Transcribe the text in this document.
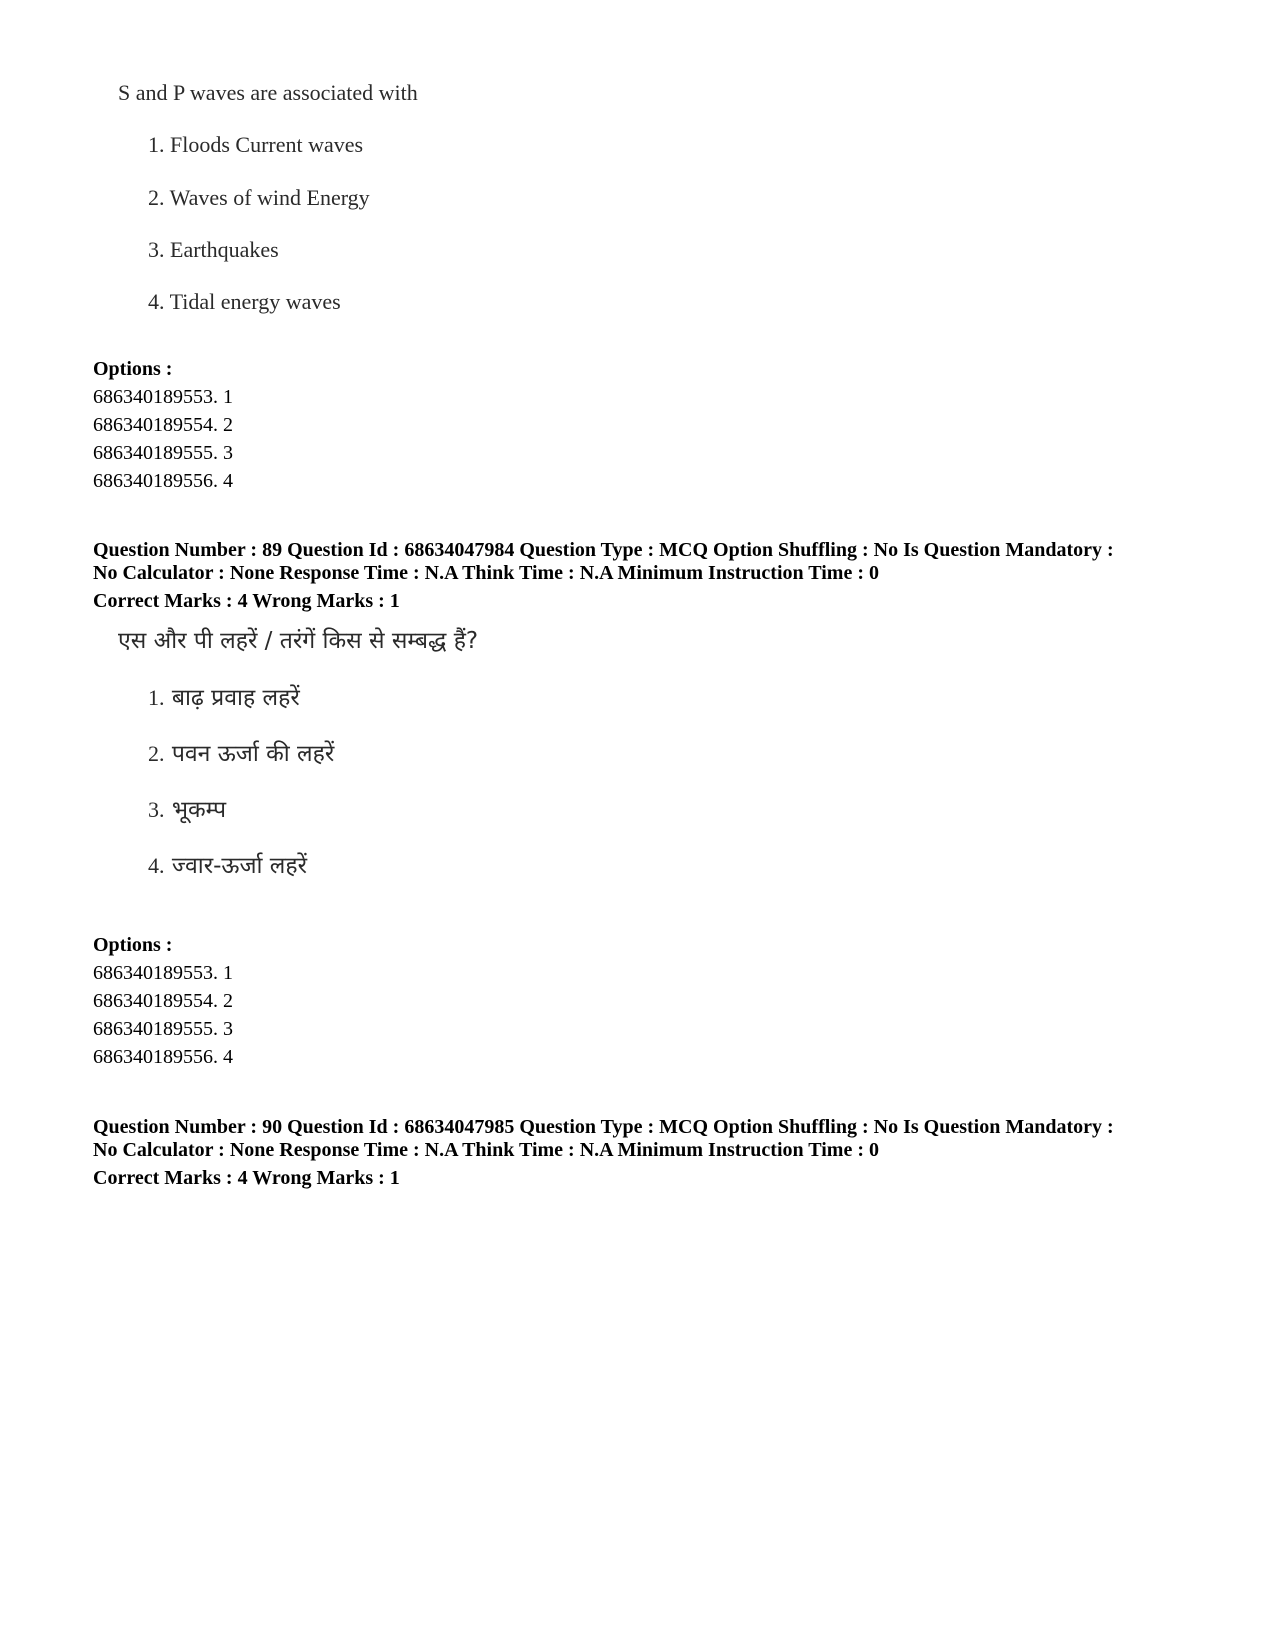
S and P waves are associated with

1. Floods Current waves
2. Waves of wind Energy
3. Earthquakes
4. Tidal energy waves
Options :
686340189553. 1
686340189554. 2
686340189555. 3
686340189556. 4
Question Number : 89 Question Id : 68634047984 Question Type : MCQ Option Shuffling : No Is Question Mandatory :
No Calculator : None Response Time : N.A Think Time : N.A Minimum Instruction Time : 0
Correct Marks : 4 Wrong Marks : 1

एस और पी लहरें / तरंगें किस से सम्बद्ध हैं?

1. बाढ़ प्रवाह लहरें
2. पवन ऊर्जा की लहरें
3. भूकम्प
4. ज्वार-ऊर्जा लहरें
Options :
686340189553. 1
686340189554. 2
686340189555. 3
686340189556. 4
Question Number : 90 Question Id : 68634047985 Question Type : MCQ Option Shuffling : No Is Question Mandatory :
No Calculator : None Response Time : N.A Think Time : N.A Minimum Instruction Time : 0
Correct Marks : 4 Wrong Marks : 1
